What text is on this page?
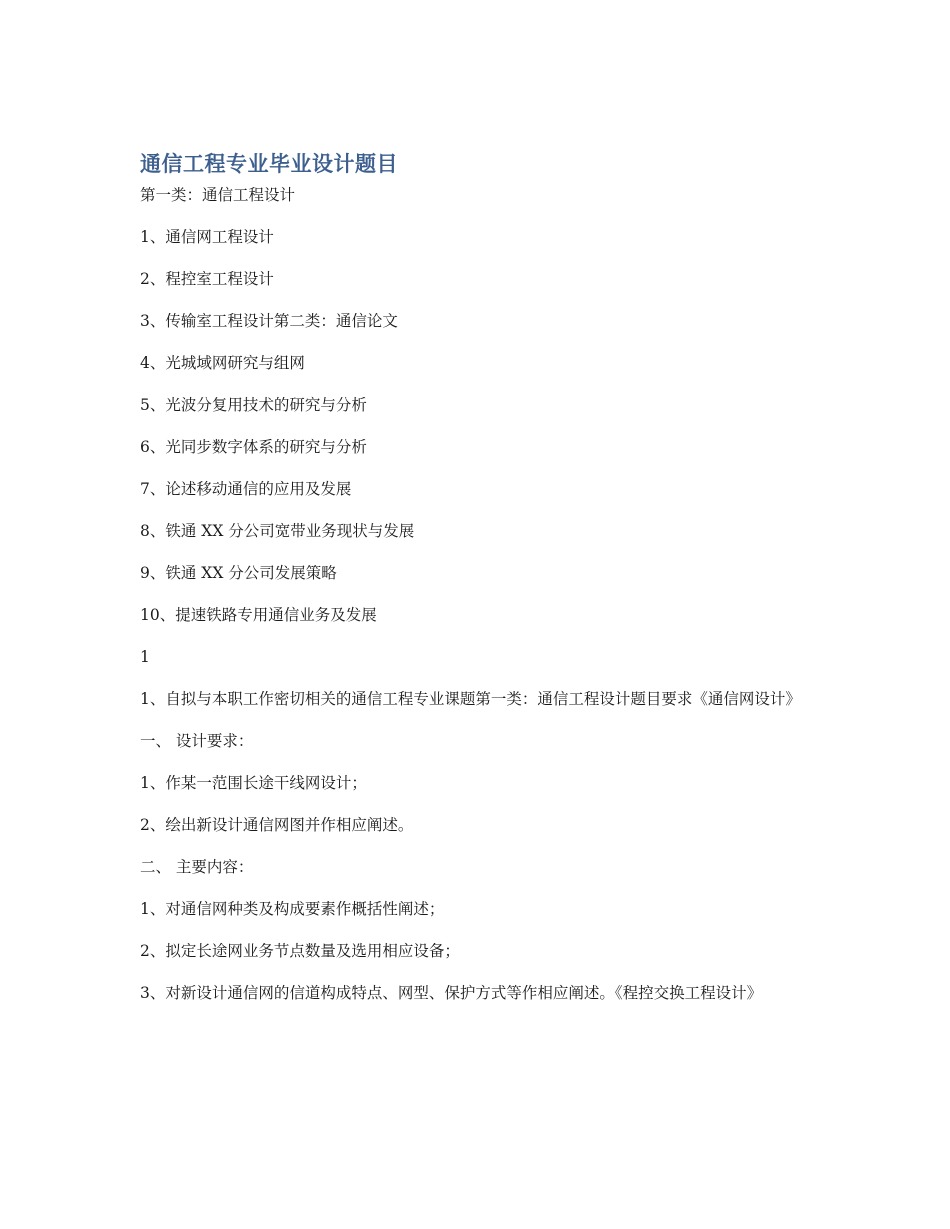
通信工程专业毕业设计题目

第一类：通信工程设计

1、通信网工程设计

2、程控室工程设计

3、传输室工程设计第二类：通信论文

4、光城域网研究与组网

5、光波分复用技术的研究与分析

6、光同步数字体系的研究与分析

7、论述移动通信的应用及发展

8、铁通 XX 分公司宽带业务现状与发展

9、铁通 XX 分公司发展策略

10、提速铁路专用通信业务及发展

1

1、自拟与本职工作密切相关的通信工程专业课题第一类：通信工程设计题目要求《通信网设计》

一、 设计要求：

1、作某一范围长途干线网设计；

2、绘出新设计通信网图并作相应阐述。

二、 主要内容：

1、对通信网种类及构成要素作概括性阐述；

2、拟定长途网业务节点数量及选用相应设备；

3、对新设计通信网的信道构成特点、网型、保护方式等作相应阐述。《程控交换工程设计》
